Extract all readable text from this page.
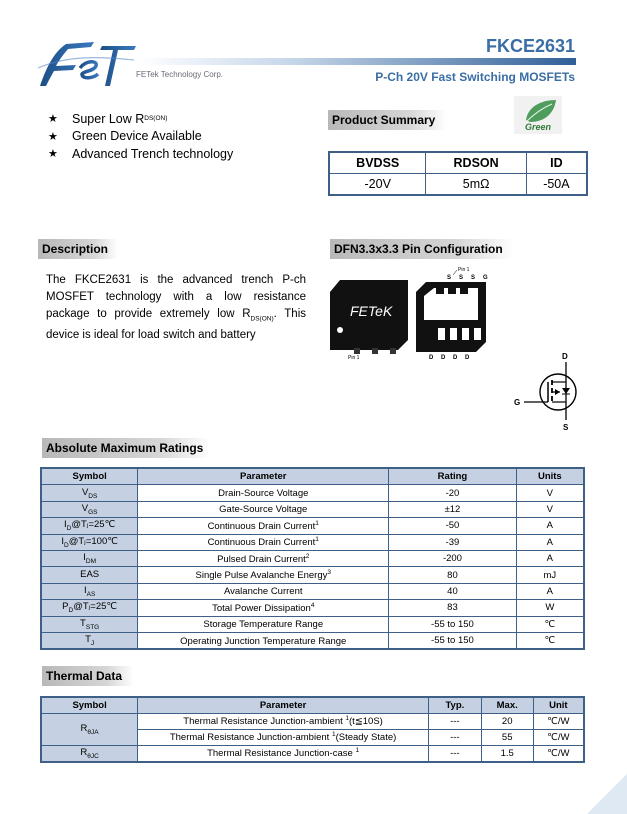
FETek Technology Corp.
FKCE2631
P-Ch 20V Fast Switching MOSFETs
★	Super Low R DS(ON)
★	Green Device Available
★	Advanced Trench technology
Product Summary	Green
BVDSS	RDSON	ID
-20V	5mΩ	-50A
Description
The FKCE2631 is the advanced trench P-ch MOSFET technology with a low resistance package to provide extremely low $R_{DS(ON)}$. This device is ideal for load switch and battery
DFN3.3x3.3 Pin Configuration
FETeK
Pin 1
Pin 1
S S S G
D D D D	D
G
S
Absolute Maximum Ratings
Symbol	Parameter	Rating	Units
$V_{DS}$	Drain-Source Voltage	-20	V
$V_{GS}$	Gate-Source Voltage	±12	V
$I_D@Tⱼ=25℃$	Continuous Drain Current$^1$	-50	A
$I_D@Tⱼ=100℃$	Continuous Drain Current$^1$	-39	A
$I_{DM}$	Pulsed Drain Current$^2$	-200	A
EAS	Single Pulse Avalanche Energy$^3$	80	mJ
$I_{AS}$	Avalanche Current	40	A
$P_D@Tⱼ=25℃$	Total Power Dissipation$^4$	83	W
$T_{STG}$	Storage Temperature Range	-55 to 150	℃
$T_J$	Operating Junction Temperature Range	-55 to 150	℃
Thermal Data
Symbol	Parameter	Typ.	Max.	Unit
$R_{\theta JA}$	Thermal Resistance Junction-ambient $^1$(t≦10S)	---	20	℃/W
	Thermal Resistance Junction-ambient $^1$(Steady State)	---	55	℃/W
$R_{\theta JC}$	Thermal Resistance Junction-case $^1$	---	1.5	℃/W
